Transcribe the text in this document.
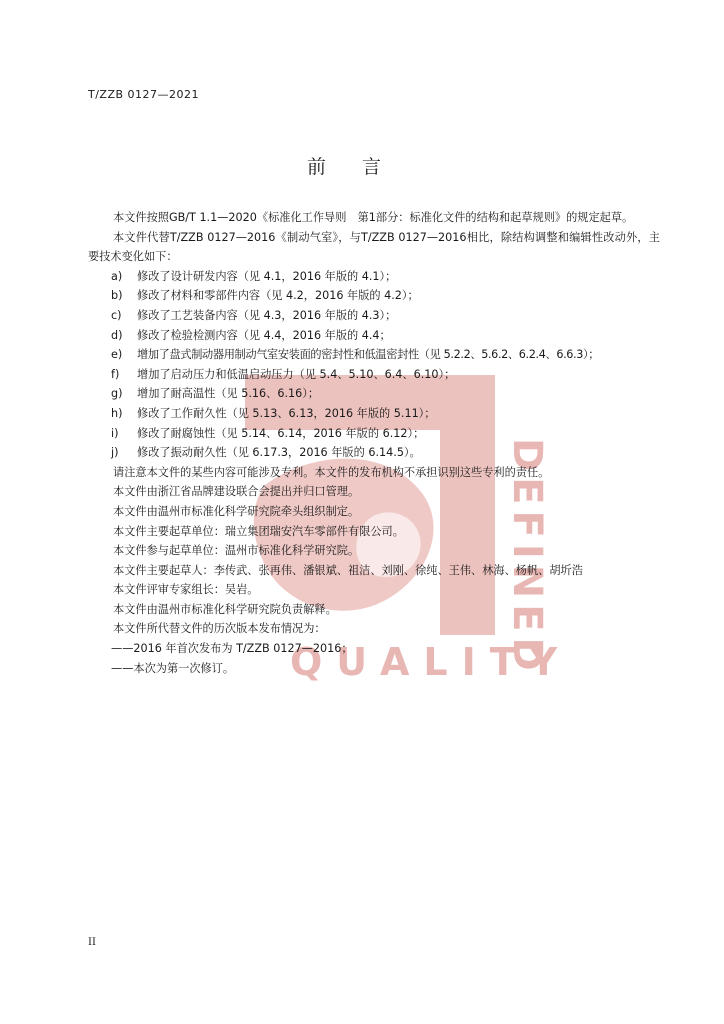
DEFINED
QUALITY
T/ZZB 0127—2021
前言

本文件按照GB/T 1.1—2020《标准化工作导则　第1部分：标准化文件的结构和起草规则》的规定起草。

本文件代替T/ZZB 0127—2016《制动气室》，与T/ZZB 0127—2016相比，除结构调整和编辑性改动外，主要技术变化如下：

a) 修改了设计研发内容（见 4.1，2016 年版的 4.1）；
b) 修改了材料和零部件内容（见 4.2，2016 年版的 4.2）；
c) 修改了工艺装备内容（见 4.3，2016 年版的 4.3）；
d) 修改了检验检测内容（见 4.4，2016 年版的 4.4；
e) 增加了盘式制动器用制动气室安装面的密封性和低温密封性（见 5.2.2、5.6.2、6.2.4、6.6.3）；
f) 增加了启动压力和低温启动压力（见 5.4、5.10、6.4、6.10）；
g) 增加了耐高温性（见 5.16、6.16）；
h) 修改了工作耐久性（见 5.13、6.13，2016 年版的 5.11）；
i) 修改了耐腐蚀性（见 5.14、6.14，2016 年版的 6.12）；
j) 修改了振动耐久性（见 6.17.3，2016 年版的 6.14.5）。

请注意本文件的某些内容可能涉及专利。本文件的发布机构不承担识别这些专利的责任。

本文件由浙江省品牌建设联合会提出并归口管理。

本文件由温州市标准化科学研究院牵头组织制定。

本文件主要起草单位：瑞立集团瑞安汽车零部件有限公司。

本文件参与起草单位：温州市标准化科学研究院。

本文件主要起草人：李传武、张再伟、潘银斌、祖洁、刘刚、徐纯、王伟、林海、杨帆、胡圻浩

本文件评审专家组长：吴岩。

本文件由温州市标准化科学研究院负责解释。

本文件所代替文件的历次版本发布情况为：

——2016 年首次发布为 T/ZZB 0127—2016；

——本次为第一次修订。

II
